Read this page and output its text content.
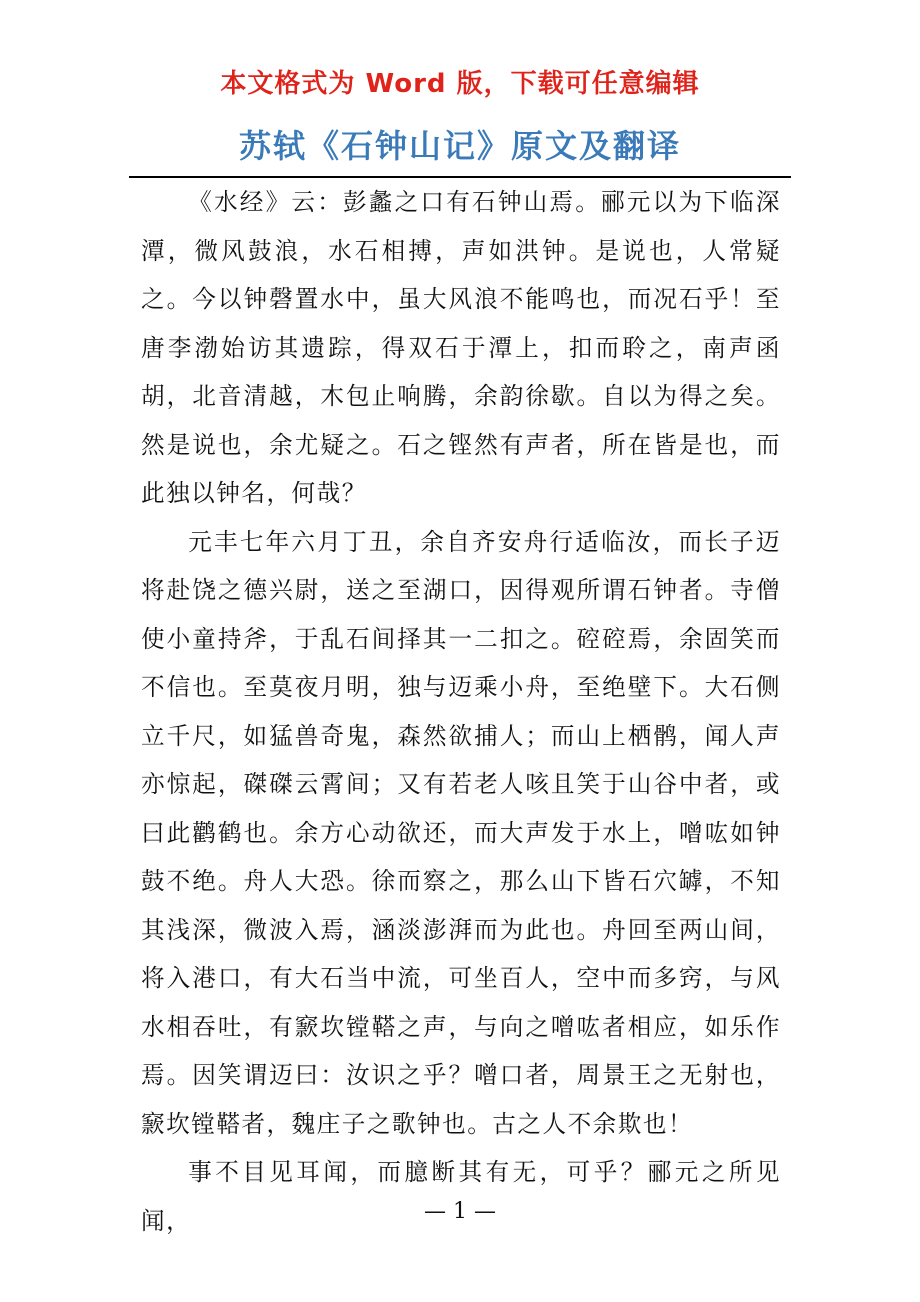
本文格式为 Word 版，下载可任意编辑
苏轼《石钟山记》原文及翻译

《水经》云：彭蠡之口有石钟山焉。郦元以为下临深潭，微风鼓浪，水石相搏，声如洪钟。是说也，人常疑之。今以钟磬置水中，虽大风浪不能鸣也，而况石乎！至唐李渤始访其遗踪，得双石于潭上，扣而聆之，南声函胡，北音清越，木包止响腾，余韵徐歇。自以为得之矣。然是说也，余尤疑之。石之铿然有声者，所在皆是也，而此独以钟名，何哉？

元丰七年六月丁丑，余自齐安舟行适临汝，而长子迈将赴饶之德兴尉，送之至湖口，因得观所谓石钟者。寺僧使小童持斧，于乱石间择其一二扣之。硿硿焉，余固笑而不信也。至莫夜月明，独与迈乘小舟，至绝壁下。大石侧立千尺，如猛兽奇鬼，森然欲捕人；而山上栖鹘，闻人声亦惊起，磔磔云霄间；又有若老人咳且笑于山谷中者，或曰此鹳鹤也。余方心动欲还，而大声发于水上，噌吰如钟鼓不绝。舟人大恐。徐而察之，那么山下皆石穴罅，不知其浅深，微波入焉，涵淡澎湃而为此也。舟回至两山间，将入港口，有大石当中流，可坐百人，空中而多窍，与风水相吞吐，有窾坎镗鞳之声，与向之噌吰者相应，如乐作焉。因笑谓迈曰：汝识之乎？噌口者，周景王之无射也，窾坎镗鞳者，魏庄子之歌钟也。古之人不余欺也！

事不目见耳闻，而臆断其有无，可乎？郦元之所见闻，	— 1 —
